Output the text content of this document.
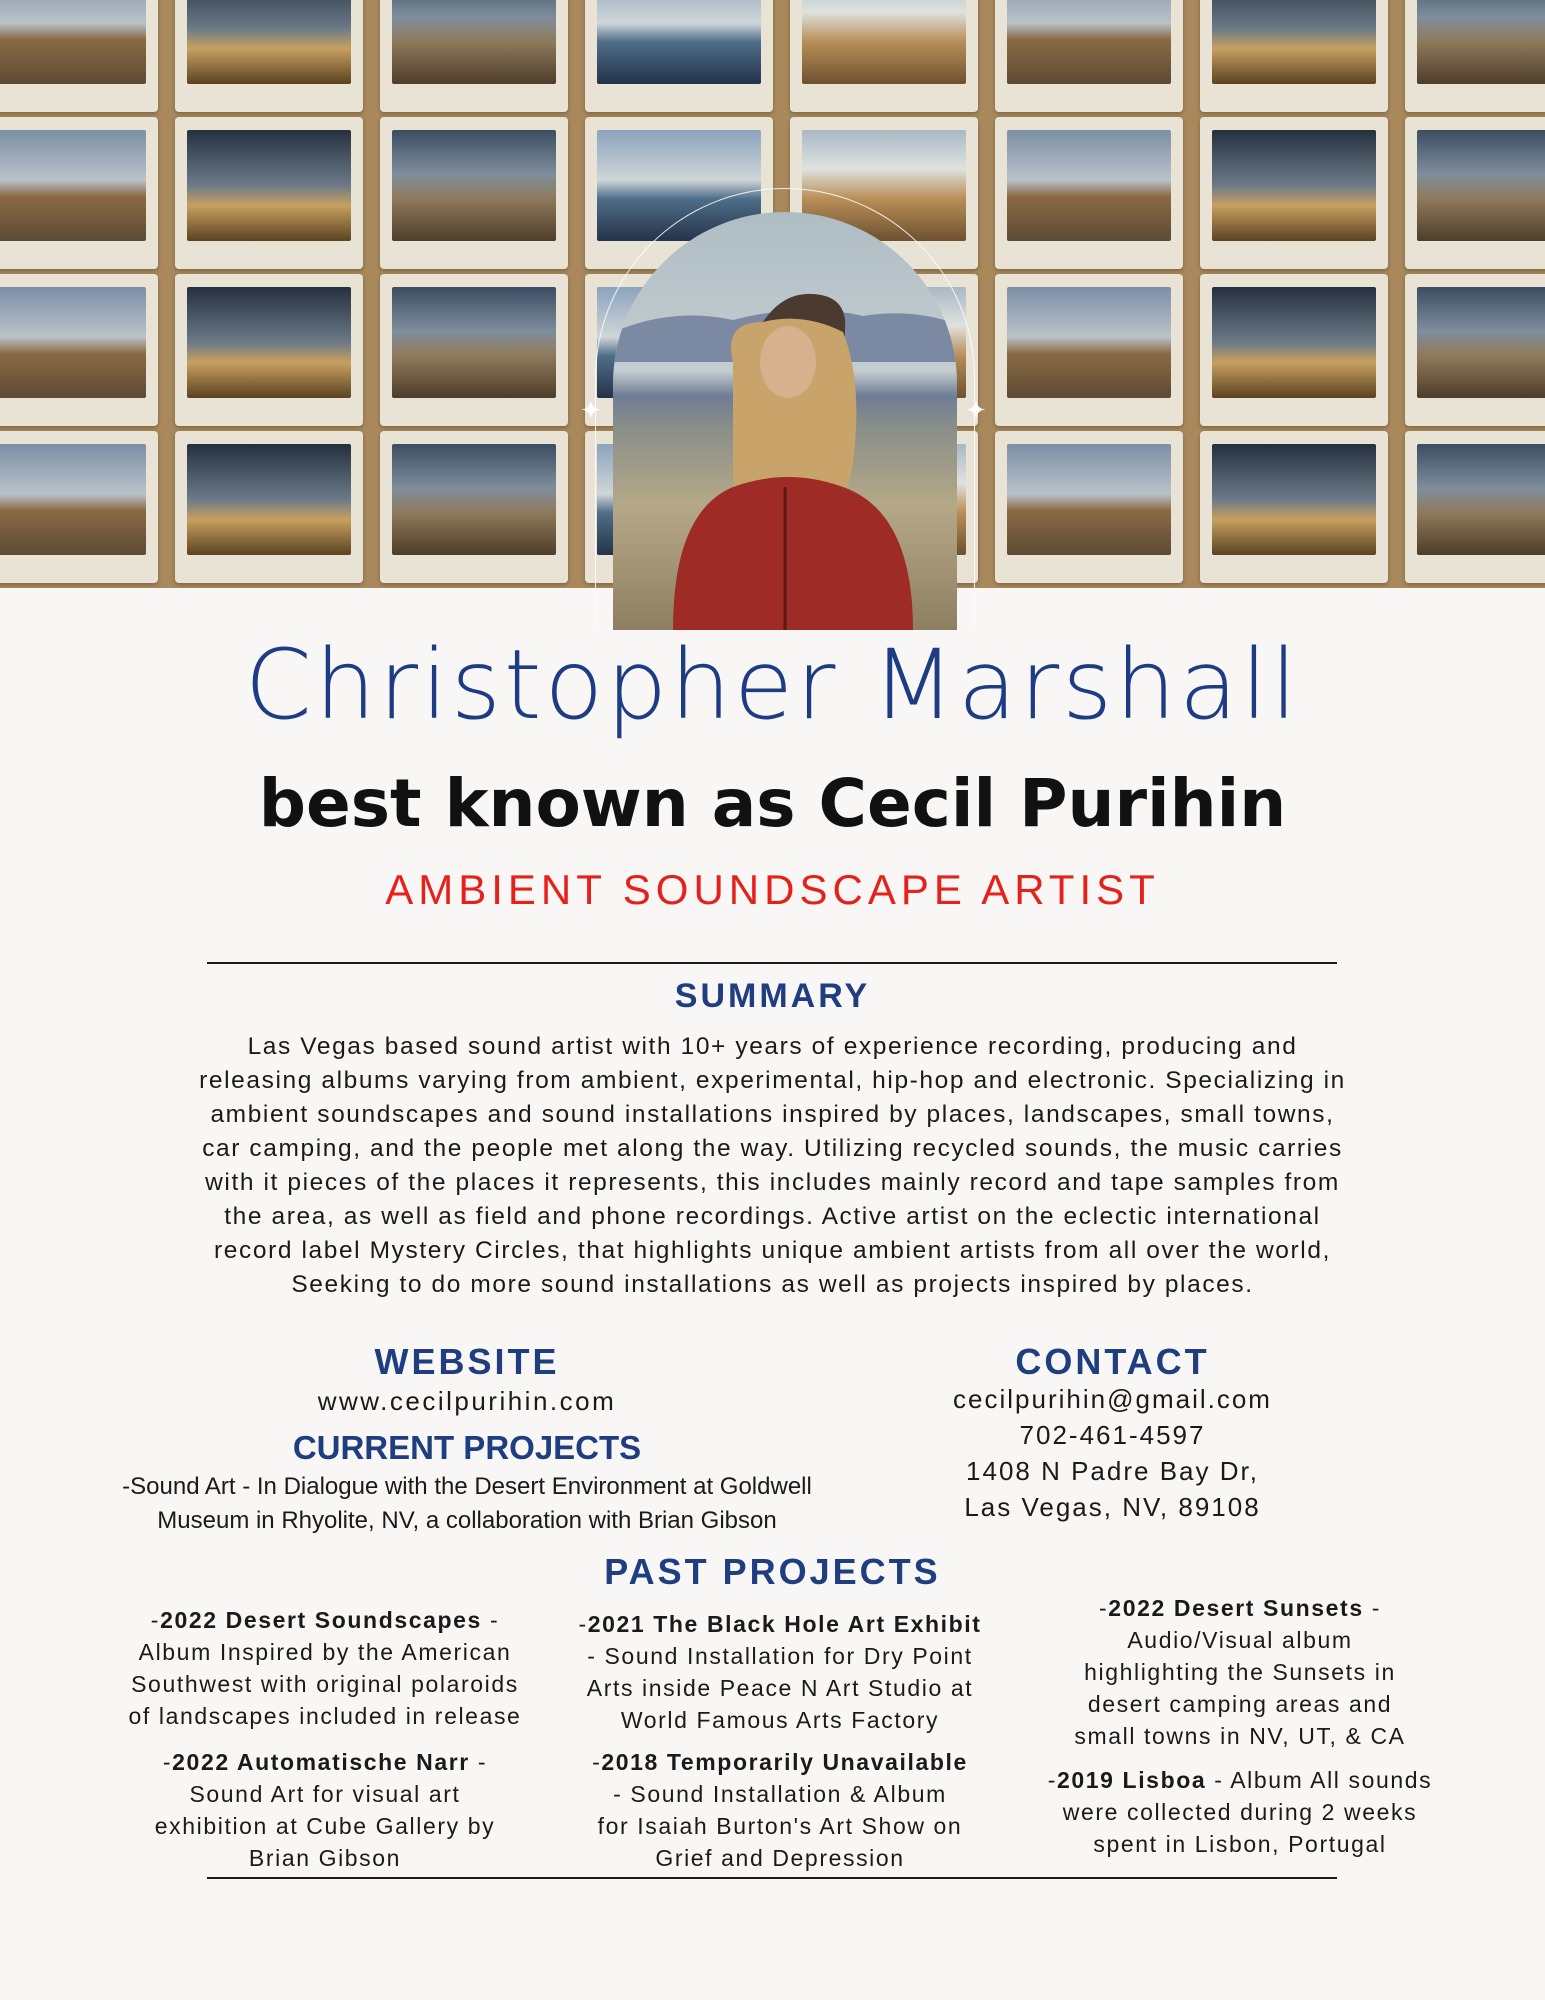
✦	✦
Christopher Marshall
best known as Cecil Purihin
AMBIENT SOUNDSCAPE ARTIST
SUMMARY

Las Vegas based sound artist with 10+ years of experience recording, producing and

releasing albums varying from ambient, experimental, hip-hop and electronic. Specializing in

ambient soundscapes and sound installations inspired by places, landscapes, small towns,

car camping, and the people met along the way. Utilizing recycled sounds, the music carries

with it pieces of the places it represents, this includes mainly record and tape samples from

the area, as well as field and phone recordings. Active artist on the eclectic international

record label Mystery Circles, that highlights unique ambient artists from all over the world,

Seeking to do more sound installations as well as projects inspired by places.

WEBSITE
www.cecilpurihin.com
CURRENT PROJECTS

-Sound Art - In Dialogue with the Desert Environment at Goldwell

Museum in Rhyolite, NV, a collaboration with Brian Gibson

CONTACT
cecilpurihin@gmail.com

702-461-4597

1408 N Padre Bay Dr,

Las Vegas, NV, 89108

PAST PROJECTS

-2022 Desert Soundscapes -

Album Inspired by the American

Southwest with original polaroids

of landscapes included in release

-2022 Automatische Narr -

Sound Art for visual art

exhibition at Cube Gallery by

Brian Gibson

-2021 The Black Hole Art Exhibit

- Sound Installation for Dry Point

Arts inside Peace N Art Studio at

World Famous Arts Factory

-2018 Temporarily Unavailable

- Sound Installation & Album

for Isaiah Burton's Art Show on

Grief and Depression

-2022 Desert Sunsets -

Audio/Visual album

highlighting the Sunsets in

desert camping areas and

small towns in NV, UT, & CA

-2019 Lisboa - Album All sounds

were collected during 2 weeks

spent in Lisbon, Portugal
